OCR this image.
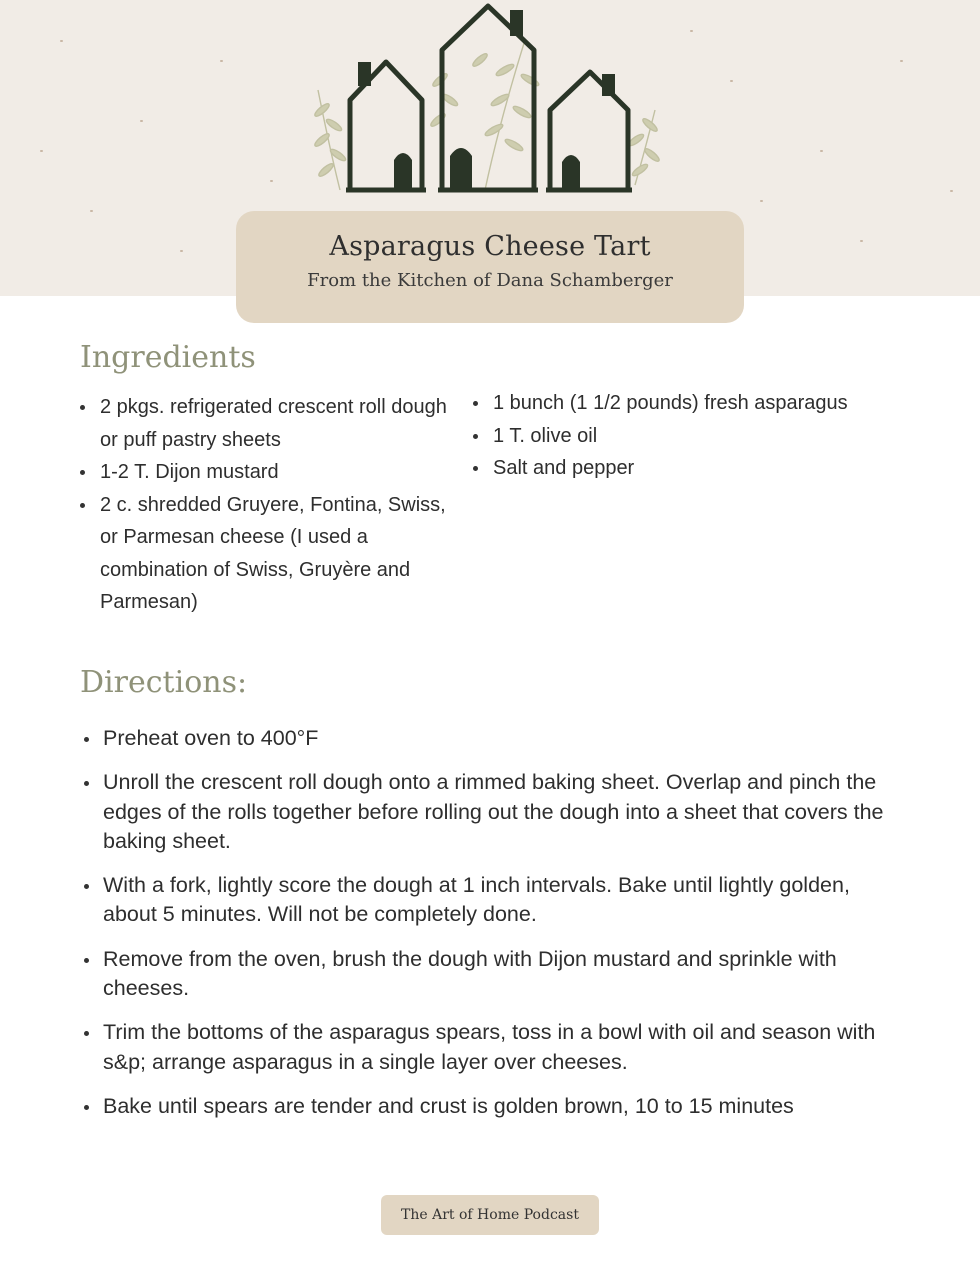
Asparagus Cheese Tart
From the Kitchen of Dana Schamberger
Ingredients
2 pkgs. refrigerated crescent roll dough or puff pastry sheets
1-2 T. Dijon mustard
2 c. shredded Gruyere, Fontina, Swiss, or Parmesan cheese (I used a combination of Swiss, Gruyère and Parmesan)
1 bunch (1 1/2 pounds) fresh asparagus
1 T. olive oil
Salt and pepper
Directions:
Preheat oven to 400°F
Unroll the crescent roll dough onto a rimmed baking sheet. Overlap and pinch the edges of the rolls together before rolling out the dough into a sheet that covers the baking sheet.
With a fork, lightly score the dough at 1 inch intervals. Bake until lightly golden, about 5 minutes. Will not be completely done.
Remove from the oven, brush the dough with Dijon mustard and sprinkle with cheeses.
Trim the bottoms of the asparagus spears, toss in a bowl with oil and season with s&p; arrange asparagus in a single layer over cheeses.
Bake until spears are tender and crust is golden brown, 10 to 15 minutes
The Art of Home Podcast
